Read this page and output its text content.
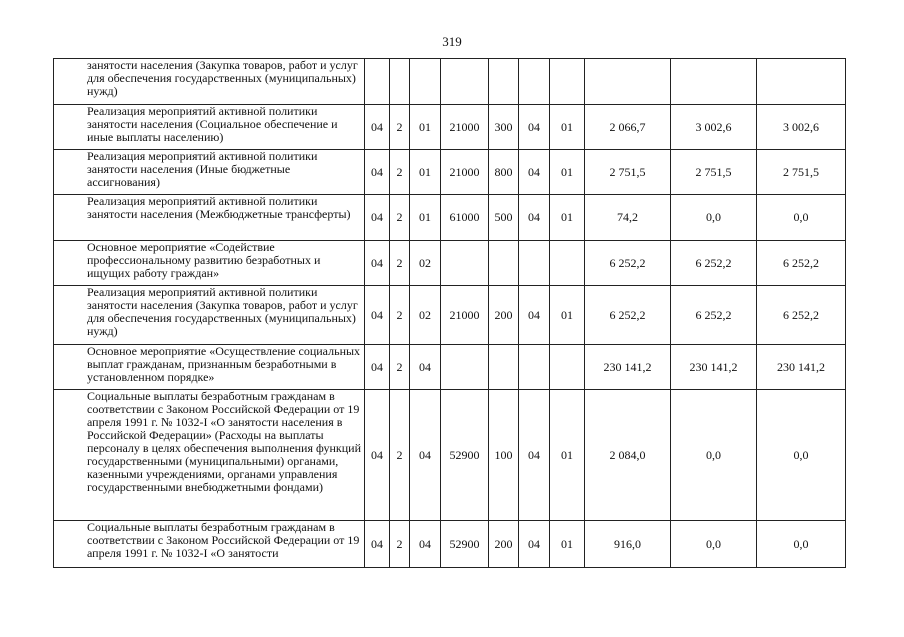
319
занятости населения (Закупка товаров, работ и услуг для обеспечения государственных (муниципальных) нужд)										
Реализация мероприятий активной политики занятости населения (Социальное обеспечение и иные выплаты населению)	04	2	01	21000	300	04	01	2 066,7	3 002,6	3 002,6
Реализация мероприятий активной политики занятости населения (Иные бюджетные ассигнования)	04	2	01	21000	800	04	01	2 751,5	2 751,5	2 751,5
Реализация мероприятий активной политики занятости населения (Межбюджетные трансферты)	04	2	01	61000	500	04	01	74,2	0,0	0,0
Основное мероприятие «Содействие профессиональному развитию безработных и ищущих работу граждан»	04	2	02					6 252,2	6 252,2	6 252,2
Реализация мероприятий активной политики занятости населения (Закупка товаров, работ и услуг для обеспечения государственных (муниципальных) нужд)	04	2	02	21000	200	04	01	6 252,2	6 252,2	6 252,2
Основное мероприятие «Осуществление социальных выплат гражданам, признанным безработными в установленном порядке»	04	2	04					230 141,2	230 141,2	230 141,2
Социальные выплаты безработным гражданам в соответствии с Законом Российской Федерации от 19 апреля 1991 г. № 1032-I «О занятости населения в Российской Федерации» (Расходы на выплаты персоналу в целях обеспечения выполнения функций государственными (муниципальными) органами, казенными учреждениями, органами управления государственными внебюджетными фондами)	04	2	04	52900	100	04	01	2 084,0	0,0	0,0
Социальные выплаты безработным гражданам в соответствии с Законом Российской Федерации от 19 апреля 1991 г. № 1032-I «О занятости	04	2	04	52900	200	04	01	916,0	0,0	0,0
